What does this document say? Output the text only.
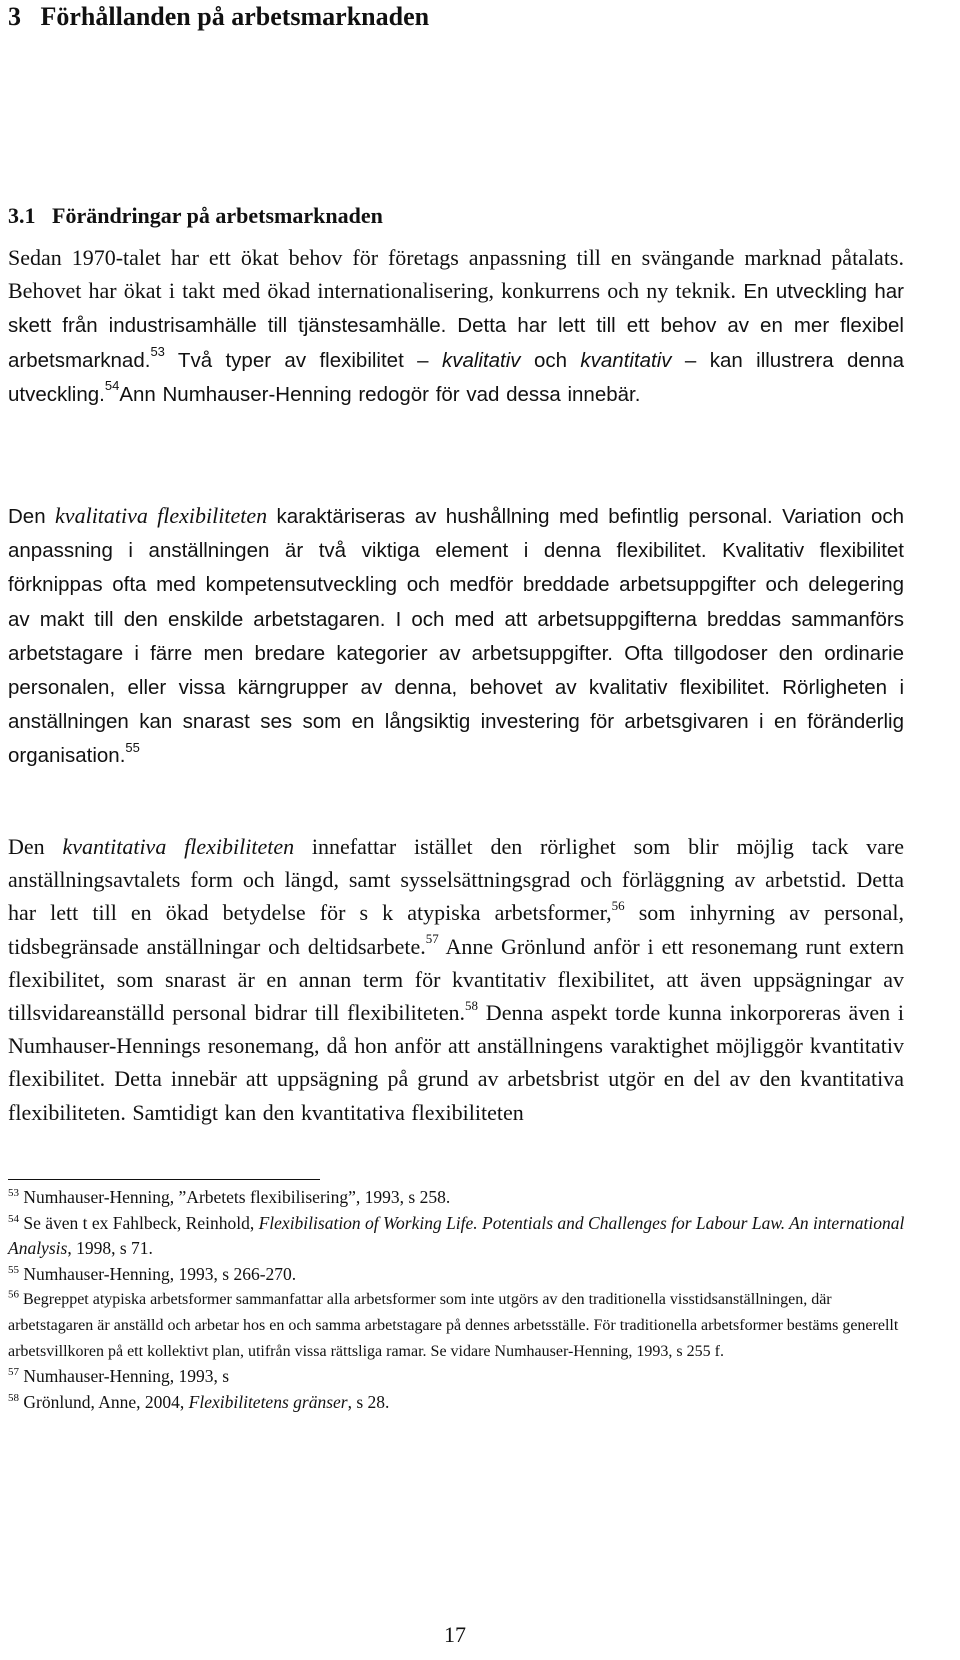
3 Förhållanden på arbetsmarknaden
3.1 Förändringar på arbetsmarknaden

Sedan 1970-talet har ett ökat behov för företags anpassning till en svängande marknad påtalats. Behovet har ökat i takt med ökad internationalisering, konkurrens och ny teknik. En utveckling har skett från industrisamhälle till tjänstesamhälle. Detta har lett till ett behov av en mer flexibel arbetsmarknad.$^{53}$ Två typer av flexibilitet – kvalitativ och kvantitativ – kan illustrera denna utveckling.$^{54}$Ann Numhauser-Henning redogör för vad dessa innebär.

Den kvalitativa flexibiliteten karaktäriseras av hushållning med befintlig personal. Variation och anpassning i anställningen är två viktiga element i denna flexibilitet. Kvalitativ flexibilitet förknippas ofta med kompetensutveckling och medför breddade arbetsuppgifter och delegering av makt till den enskilde arbetstagaren. I och med att arbetsuppgifterna breddas sammanförs arbetstagare i färre men bredare kategorier av arbetsuppgifter. Ofta tillgodoser den ordinarie personalen, eller vissa kärngrupper av denna, behovet av kvalitativ flexibilitet. Rörligheten i anställningen kan snarast ses som en långsiktig investering för arbetsgivaren i en föränderlig organisation.$^{55}$

Den kvantitativa flexibiliteten innefattar istället den rörlighet som blir möjlig tack vare anställningsavtalets form och längd, samt sysselsättningsgrad och förläggning av arbetstid. Detta har lett till en ökad betydelse för s k atypiska arbetsformer,$^{56}$ som inhyrning av personal, tidsbegränsade anställningar och deltidsarbete.$^{57}$ Anne Grönlund anför i ett resonemang runt extern flexibilitet, som snarast är en annan term för kvantitativ flexibilitet, att även uppsägningar av tillsvidareanställd personal bidrar till flexibiliteten.$^{58}$ Denna aspekt torde kunna inkorporeras även i Numhauser-Hennings resonemang, då hon anför att anställningens varaktighet möjliggör kvantitativ flexibilitet. Detta innebär att uppsägning på grund av arbetsbrist utgör en del av den kvantitativa flexibiliteten. Samtidigt kan den kvantitativa flexibiliteten

$^{53}$ Numhauser-Henning, ”Arbetets flexibilisering”, 1993, s 258.

$^{54}$ Se även t ex Fahlbeck, Reinhold, Flexibilisation of Working Life. Potentials and Challenges for Labour Law. An international Analysis, 1998, s 71.

$^{55}$ Numhauser-Henning, 1993, s 266-270.

$^{56}$ Begreppet atypiska arbetsformer sammanfattar alla arbetsformer som inte utgörs av den traditionella visstidsanställningen, där arbetstagaren är anställd och arbetar hos en och samma arbetstagare på dennes arbetsställe. För traditionella arbetsformer bestäms generellt arbetsvillkoren på ett kollektivt plan, utifrån vissa rättsliga ramar. Se vidare Numhauser-Henning, 1993, s 255 f.

$^{57}$ Numhauser-Henning, 1993, s

$^{58}$ Grönlund, Anne, 2004, Flexibilitetens gränser, s 28.

17
